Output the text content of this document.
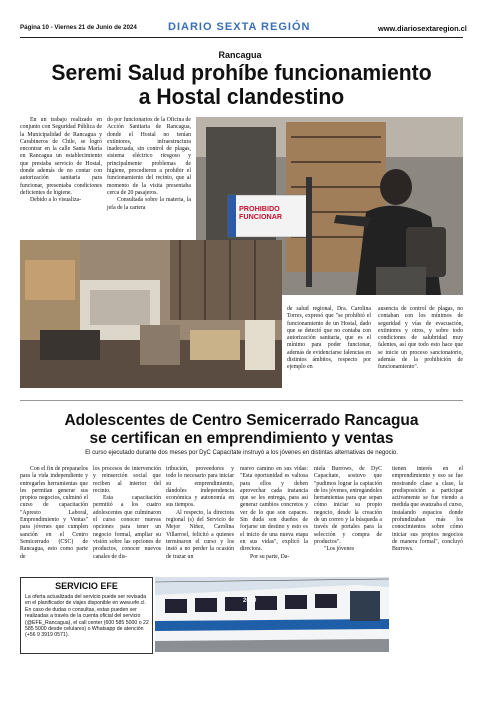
Página 10 - Viernes 21 de Junio de 2024	DIARIO SEXTA REGIÓN	www.diariosextaregion.cl
Rancagua
Seremi Salud prohíbe funcionamiento
a Hostal clandestino

En un trabajo realizado en conjunto con Seguridad Pública de la Municipalidad de Rancagua y Carabineros de Chile, se logró encontrar en la calle Santa María en Rancagua un establecimiento que prestaba servicio de Hostal, donde además de no contar con autorización sanitaria para funcionar, presentaba condiciones deficientes de higiene.

Debido a lo visualiza-

do por funcionarios de la Oficina de Acción Sanitaria de Rancagua, donde el Hostal no tenían extintores, infraestructura inadecuada, sin control de plagas, sistema eléctrico riesgoso y principalmente problemas de higiene, procedieron a prohibir el funcionamiento del recinto, que al momento de la visita presentaba cerca de 20 pasajeros.

Consultada sobre la materia, la jefa de la cartera	PROHIBIDO FUNCIONAR

de salud regional, Dra. Carolina Torres, expresó que "se prohibió el funcionamiento de un Hostal, dado que se detectó que no contaba con autorización sanitaria, que es el mínimo para poder funcionar, además de evidenciarse falencias en distintos ámbitos, respecto por ejemplo en

ausencia de control de plagas, no contaban con los mínimos de seguridad y vías de evacuación, extintores y otros, y sobre todo condiciones de salubridad muy falentes, así que todo esto hace que se inicie un proceso sancionatorio, además de la prohibición de funcionamiento".

Adolescentes de Centro Semicerrado Rancagua
se certifican en emprendimiento y ventas
El curso ejecutado durante dos meses por DyC Capacítate instruyó a los jóvenes en distintas alternativas de negocio.

Con el fin de prepararlos para la vida independiente y entregarles herramientas que les permitan generar sus propios negocios, culminó el curso de capacitación "Apresto Laboral, Emprendimiento y Ventas" para jóvenes que cumplen sanción en el Centro Semicerrado (CSC) de Rancagua, esto como parte de

los procesos de intervención y reinserción social que reciben al interior del recinto.

Esta capacitación permitió a los cuatro adolescentes que culminaron el curso conocer nuevas opciones para tener un negocio formal, ampliar su visión sobre las opciones de productos, conocer nuevos canales de dis-

tribución, proveedores y todo lo necesario para iniciar su emprendimiento, dándoles independencia económica y autonomía en sus tiempos.

Al respecto, la directora regional (s) del Servicio de Mejor Niñez, Carolina Villarroel, felicitó a quienes terminaron el curso y los instó a no perder la ocasión de trazar un

nuevo camino en sus vidas: "Esta oportunidad es valiosa para ellos y deben aprovechar cada instancia que se les entrega, para así generar cambios concretos y ver de lo que son capaces. Sin duda son dueños de forjarse un destino y esto es el inicio de una nueva etapa en sus vidas", explicó la directora.

Por su parte, Da-

niela Burrows, de DyC Capacítate, sostuvo que "pudimos lograr la captación de los jóvenes, entregándoles herramientas para que sepan cómo iniciar su propio negocio, desde la creación de un correo y la búsqueda a través de portales para la selección y compra de productos".

"Los jóvenes

tienen interés en el emprendimiento y eso se fue mostrando clase a clase, la predisposición a participar activamente se fue viendo a medida que avanzaba el curso, instalando espacios donde profundizaban más los conocimientos sobre cómo iniciar sus propios negocios de manera formal", concluyó Burrows.

SERVICIO EFE
La oferta actualizada del servicio puede ser revisada en el planificador de viajes disponible en www.efe.cl. En caso de dudas o consultas, estas pueden ser realizadas a través de la cuenta oficial del servicio (@EFE_Rancagua), el call center (600 585 5000 o 22 585 5000 desde celulares) o Whatsapp de atención (+56 9 3919 0571).
2010
